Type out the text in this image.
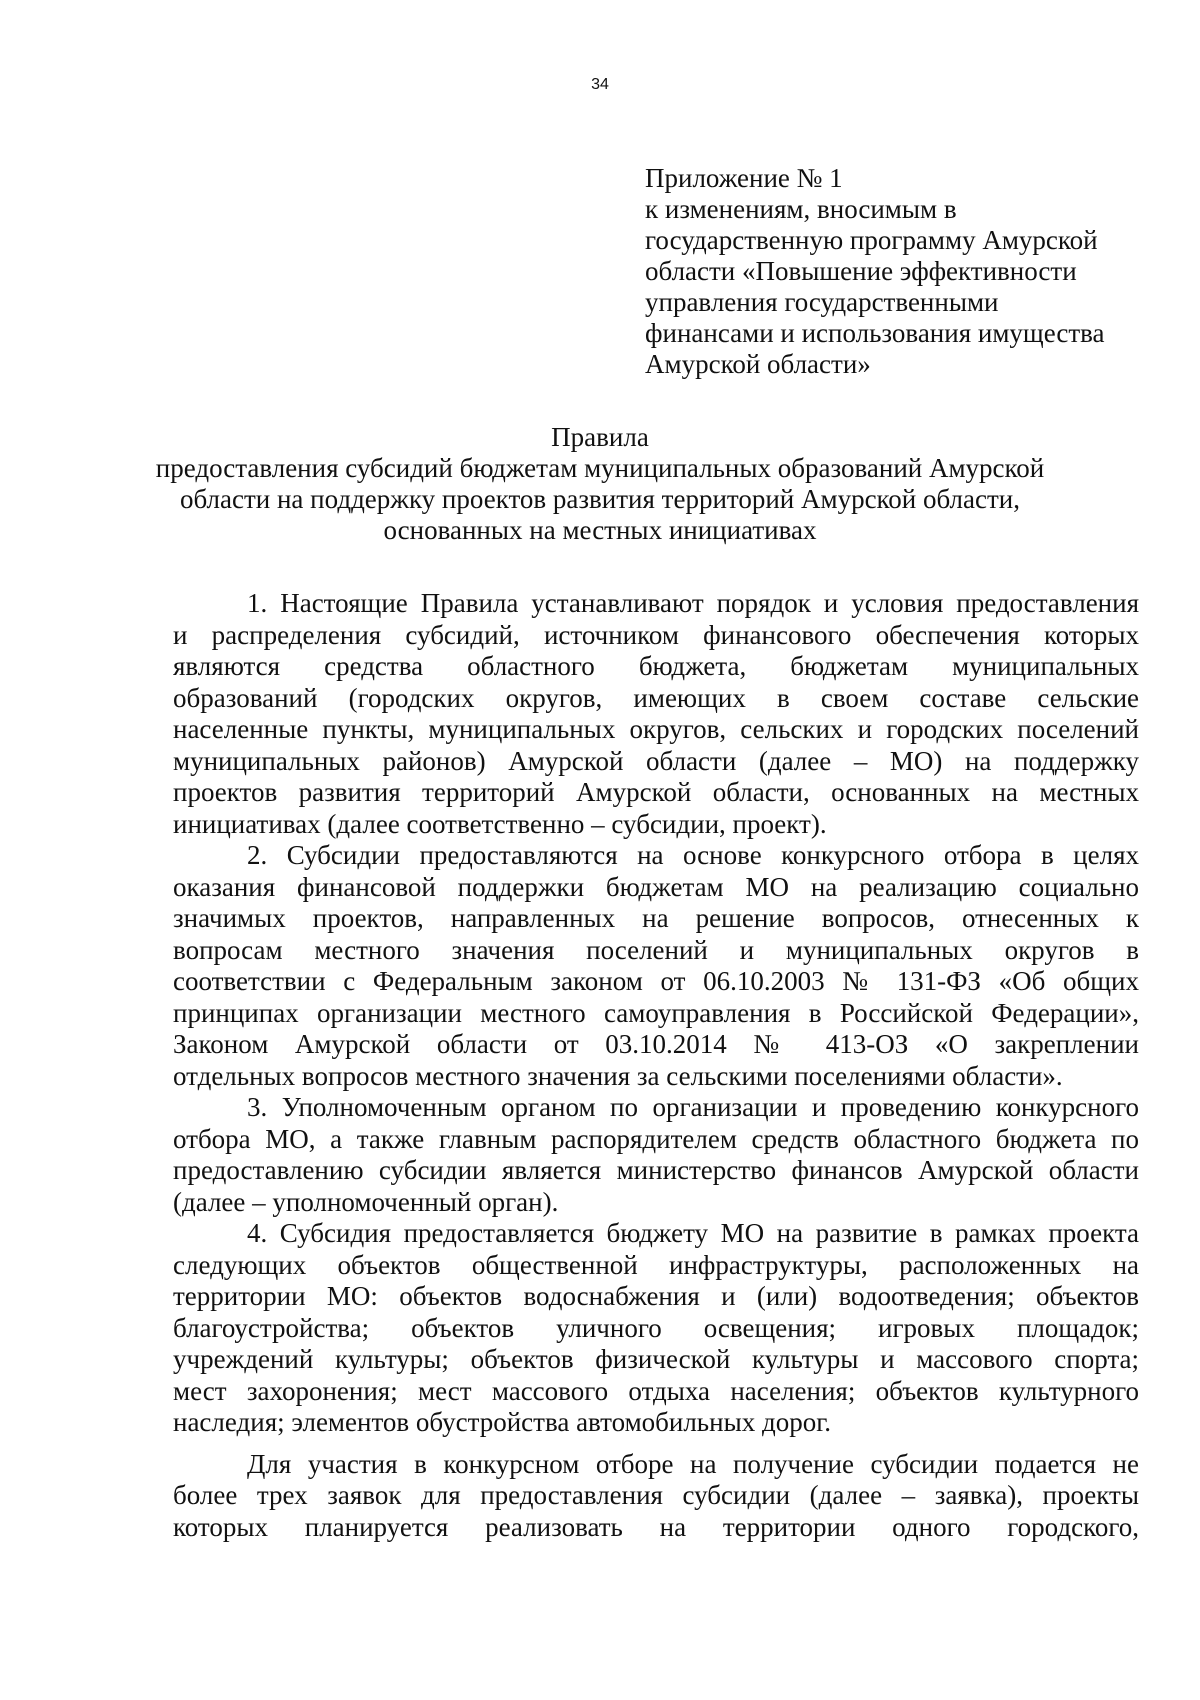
34
Приложение № 1
к изменениям, вносимым в
государственную программу Амурской
области «Повышение эффективности
управления государственными
финансами и использования имущества
Амурской области»
Правила
предоставления субсидий бюджетам муниципальных образований Амурской
области на поддержку проектов развития территорий Амурской области,
основанных на местных инициативах
1. Настоящие Правила устанавливают порядок и условия предоставления
и распределения субсидий, источником финансового обеспечения которых
являются средства областного бюджета, бюджетам муниципальных
образований (городских округов, имеющих в своем составе сельские
населенные пункты, муниципальных округов, сельских и городских поселений
муниципальных районов) Амурской области (далее – МО) на поддержку
проектов развития территорий Амурской области, основанных на местных
инициативах (далее соответственно – субсидии, проект).
2. Субсидии предоставляются на основе конкурсного отбора в целях
оказания финансовой поддержки бюджетам МО на реализацию социально
значимых проектов, направленных на решение вопросов, отнесенных к
вопросам местного значения поселений и муниципальных округов в
соответствии с Федеральным законом от 06.10.2003 № 131-ФЗ «Об общих
принципах организации местного самоуправления в Российской Федерации»,
Законом Амурской области от 03.10.2014 № 413-ОЗ «О закреплении
отдельных вопросов местного значения за сельскими поселениями области».
3. Уполномоченным органом по организации и проведению конкурсного
отбора МО, а также главным распорядителем средств областного бюджета по
предоставлению субсидии является министерство финансов Амурской области
(далее – уполномоченный орган).
4. Субсидия предоставляется бюджету МО на развитие в рамках проекта
следующих объектов общественной инфраструктуры, расположенных на
территории МО: объектов водоснабжения и (или) водоотведения; объектов
благоустройства; объектов уличного освещения; игровых площадок;
учреждений культуры; объектов физической культуры и массового спорта;
мест захоронения; мест массового отдыха населения; объектов культурного
наследия; элементов обустройства автомобильных дорог.
Для участия в конкурсном отборе на получение субсидии подается не
более трех заявок для предоставления субсидии (далее – заявка), проекты
которых планируется реализовать на территории одного городского,
